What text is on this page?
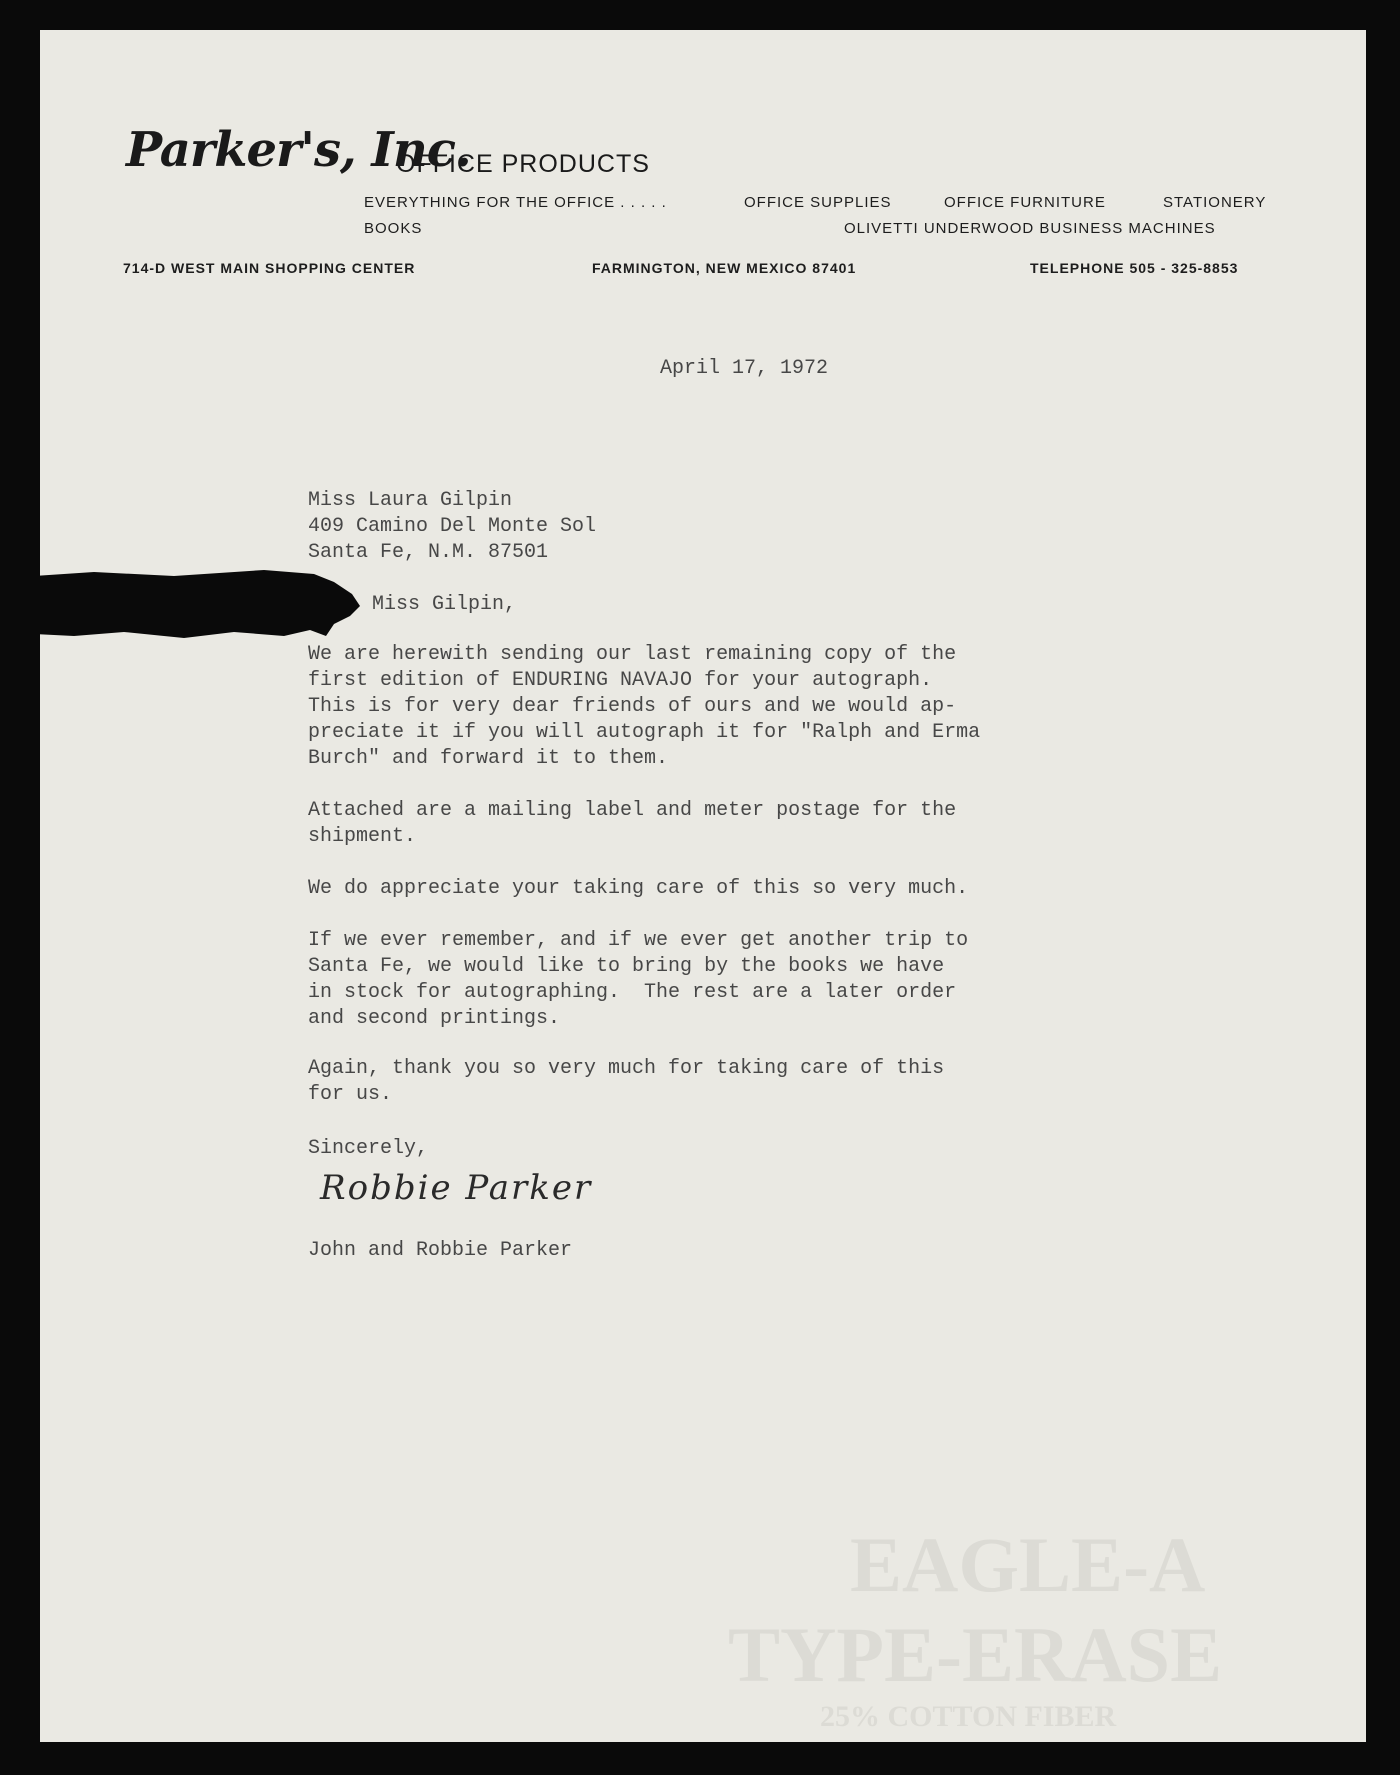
Parker's, Inc.
OFFICE PRODUCTS
EVERYTHING FOR THE OFFICE . . . . .	OFFICE SUPPLIES	OFFICE FURNITURE	STATIONERY
BOOKS	OLIVETTI UNDERWOOD BUSINESS MACHINES
714-D WEST MAIN SHOPPING CENTER	FARMINGTON, NEW MEXICO 87401	TELEPHONE 505 - 325-8853
April 17, 1972
Miss Laura Gilpin
409 Camino Del Monte Sol
Santa Fe, N.M. 87501
Miss Gilpin,
We are herewith sending our last remaining copy of the
first edition of ENDURING NAVAJO for your autograph.
This is for very dear friends of ours and we would ap-
preciate it if you will autograph it for "Ralph and Erma
Burch" and forward it to them.
Attached are a mailing label and meter postage for the
shipment.
We do appreciate your taking care of this so very much.
If we ever remember, and if we ever get another trip to
Santa Fe, we would like to bring by the books we have
in stock for autographing.  The rest are a later order
and second printings.
Again, thank you so very much for taking care of this
for us.
Sincerely,
Robbie Parker
John and Robbie Parker
EAGLE-A
TYPE-ERASE
25% COTTON FIBER
